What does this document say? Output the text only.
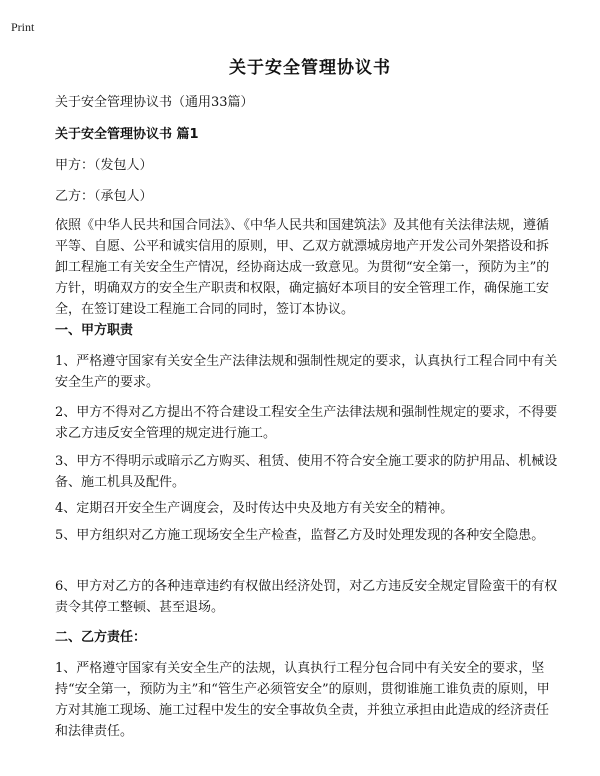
Print
关于安全管理协议书

关于安全管理协议书（通用33篇）

关于安全管理协议书 篇1

甲方：（发包人）

乙方：（承包人）

依照《中华人民共和国合同法》、《中华人民共和国建筑法》及其他有关法律法规，遵循平等、自愿、公平和诚实信用的原则，甲、乙双方就漂城房地产开发公司外架搭设和拆卸工程施工有关安全生产情况，经协商达成一致意见。为贯彻“安全第一，预防为主”的方针，明确双方的安全生产职责和权限，确定搞好本项目的安全管理工作，确保施工安全，在签订建设工程施工合同的同时，签订本协议。

一、甲方职责

1、严格遵守国家有关安全生产法律法规和强制性规定的要求，认真执行工程合同中有关安全生产的要求。

2、甲方不得对乙方提出不符合建设工程安全生产法律法规和强制性规定的要求，不得要求乙方违反安全管理的规定进行施工。

3、甲方不得明示或暗示乙方购买、租赁、使用不符合安全施工要求的防护用品、机械设备、施工机具及配件。

4、定期召开安全生产调度会，及时传达中央及地方有关安全的精神。

5、甲方组织对乙方施工现场安全生产检查，监督乙方及时处理发现的各种安全隐患。

6、甲方对乙方的各种违章违约有权做出经济处罚，对乙方违反安全规定冒险蛮干的有权责令其停工整顿、甚至退场。

二、乙方责任：

1、严格遵守国家有关安全生产的法规，认真执行工程分包合同中有关安全的要求，坚持“安全第一，预防为主”和“管生产必须管安全”的原则，贯彻谁施工谁负责的原则，甲方对其施工现场、施工过程中发生的安全事故负全责，并独立承担由此造成的经济责任和法律责任。
